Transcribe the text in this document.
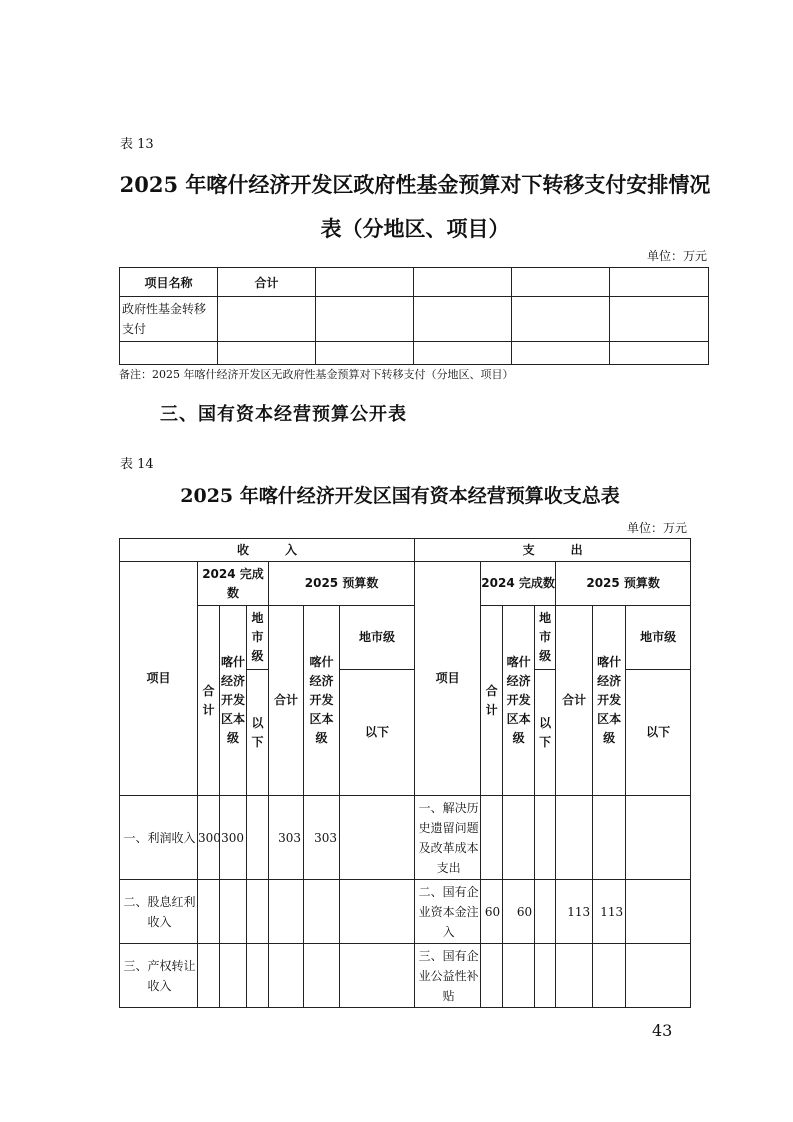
表 13
2025 年喀什经济开发区政府性基金预算对下转移支付安排情况
表（分地区、项目）
单位：万元
项目名称	合计				
政府性基金转移支付					

备注：2025 年喀什经济开发区无政府性基金预算对下转移支付（分地区、项目）
三、国有资本经营预算公开表
表 14
2025 年喀什经济开发区国有资本经营预算收支总表
单位：万元
收　　　入							支　　　出						
项目	2024 完成数			2025 预算数			项目	2024 完成数			2025 预算数		
	合计	喀什经济开发区本级	地市级	合计	喀什经济开发区本级	地市级		合计	喀什经济开发区本级	地市级	合计	喀什经济开发区本级	地市级
			以下			以下				以下			以下

一、利润收入	300	300		303	303		一、解决历史遗留问题及改革成本支出						
二、股息红利收入							二、国有企业资本金注入	60	60		113	113	
三、产权转让收入							三、国有企业公益性补贴						
43
